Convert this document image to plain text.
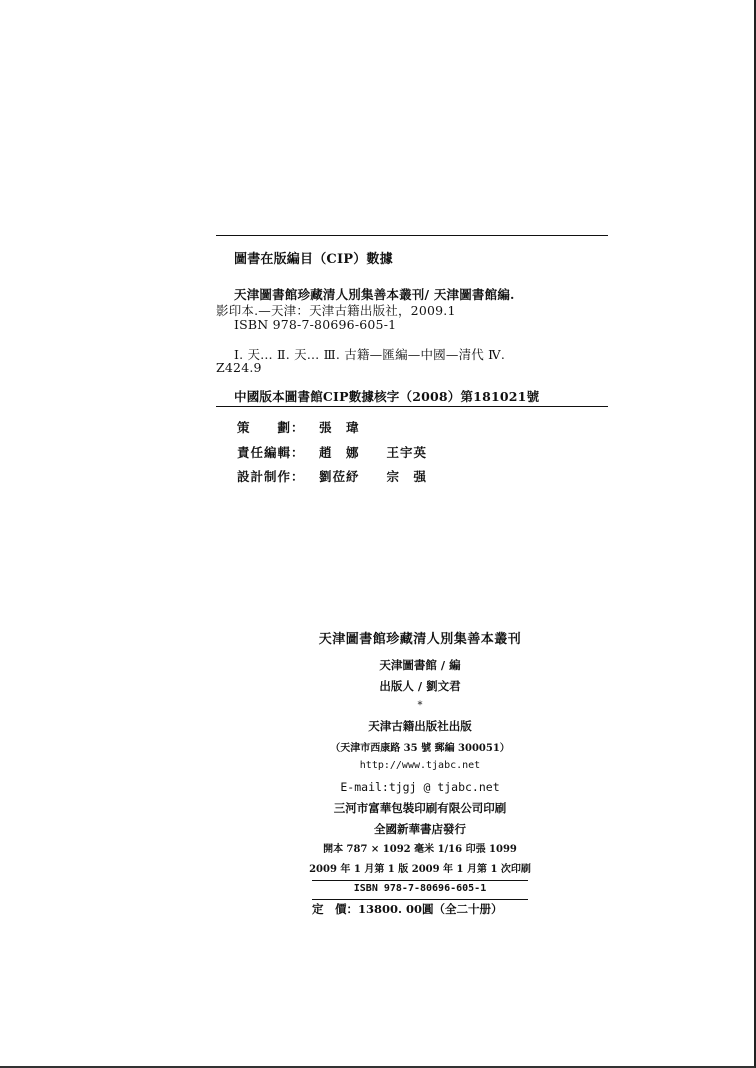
圖書在版編目（CIP）數據
天津圖書館珍藏清人別集善本叢刊/ 天津圖書館編.
影印本.—天津：天津古籍出版社，2009.1
ISBN 978-7-80696-605-1
Ⅰ. 天… Ⅱ. 天… Ⅲ. 古籍—匯編—中國—清代 Ⅳ.
Z424.9
中國版本圖書館CIP數據核字（2008）第181021號
策　　劃： 張　瑋
責任編輯： 趙　娜　　王宇英
設計制作： 劉莅紓　　宗　强
天津圖書館珍藏清人別集善本叢刊
天津圖書館 / 編
出版人 / 劉文君
*
天津古籍出版社出版
（天津市西康路 35 號 郵編 300051）
http://www.tjabc.net
E-mail:tjgj @ tjabc.net
三河市富華包裝印刷有限公司印刷
全國新華書店發行
開本 787 × 1092 毫米 1/16 印張 1099
2009 年 1 月第 1 版 2009 年 1 月第 1 次印刷
ISBN 978-7-80696-605-1
定　價：13800. 00圓（全二十册）
